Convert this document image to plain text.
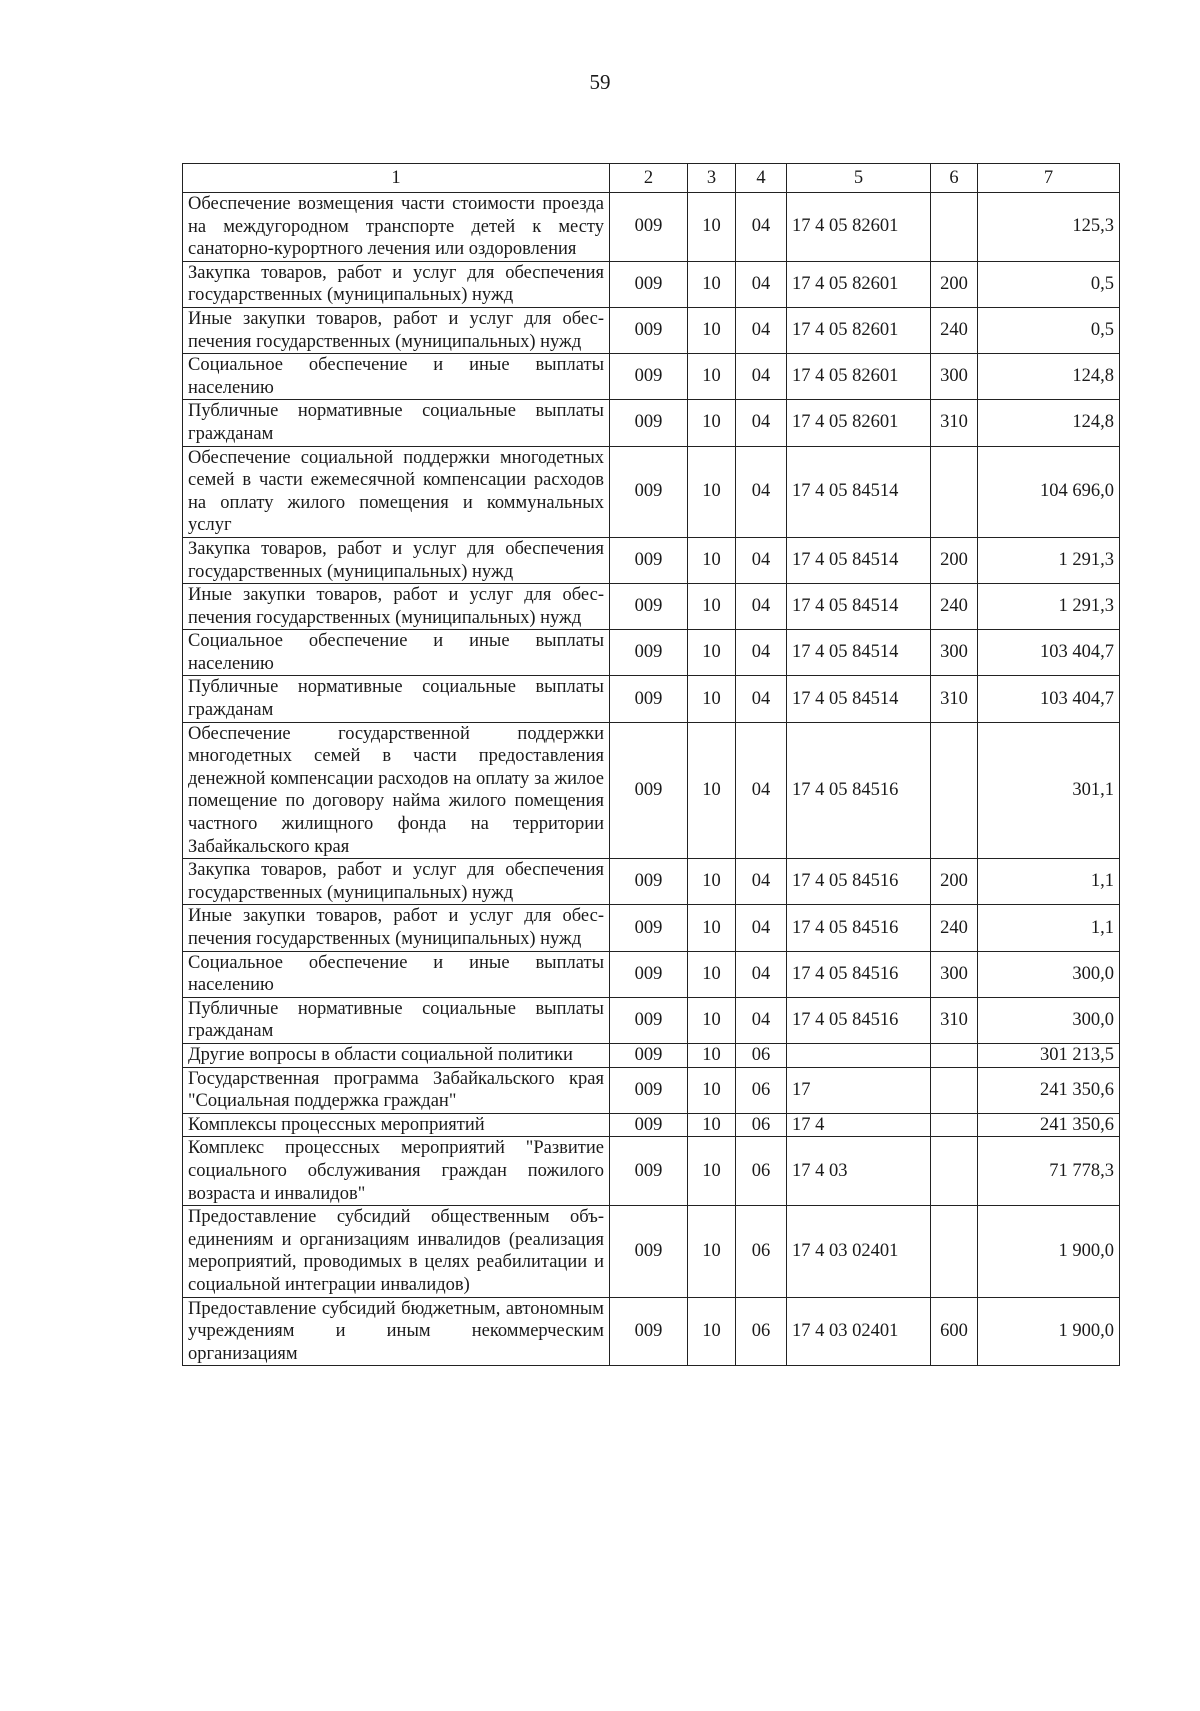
59
1	2	3	4	5	6	7
Обеспечение возмещения части стоимости проезда на междугородном транспорте детей к месту санаторно-курортного лечения или оздоровления	009	10	04	17 4 05 82601		125,3
Закупка товаров, работ и услуг для обеспечения государственных (муниципальных) нужд	009	10	04	17 4 05 82601	200	0,5
Иные закупки товаров, работ и услуг для обеспечения государственных (муниципальных) нужд	009	10	04	17 4 05 82601	240	0,5
Социальное обеспечение и иные выплаты населению	009	10	04	17 4 05 82601	300	124,8
Публичные нормативные социальные выплаты гражданам	009	10	04	17 4 05 82601	310	124,8
Обеспечение социальной поддержки многодетных семей в части ежемесячной компенсации расходов на оплату жилого помещения и коммунальных услуг	009	10	04	17 4 05 84514		104 696,0
Закупка товаров, работ и услуг для обеспечения государственных (муниципальных) нужд	009	10	04	17 4 05 84514	200	1 291,3
Иные закупки товаров, работ и услуг для обеспечения государственных (муниципальных) нужд	009	10	04	17 4 05 84514	240	1 291,3
Социальное обеспечение и иные выплаты населению	009	10	04	17 4 05 84514	300	103 404,7
Публичные нормативные социальные выплаты гражданам	009	10	04	17 4 05 84514	310	103 404,7
Обеспечение государственной поддержки многодетных семей в части предоставления денежной компенсации расходов на оплату за жилое помещение по договору найма жилого помещения частного жилищного фонда на территории Забайкальского края	009	10	04	17 4 05 84516		301,1
Закупка товаров, работ и услуг для обеспечения государственных (муниципальных) нужд	009	10	04	17 4 05 84516	200	1,1
Иные закупки товаров, работ и услуг для обеспечения государственных (муниципальных) нужд	009	10	04	17 4 05 84516	240	1,1
Социальное обеспечение и иные выплаты населению	009	10	04	17 4 05 84516	300	300,0
Публичные нормативные социальные выплаты гражданам	009	10	04	17 4 05 84516	310	300,0
Другие вопросы в области социальной политики	009	10	06			301 213,5
Государственная программа Забайкальского края "Социальная поддержка граждан"	009	10	06	17		241 350,6
Комплексы процессных мероприятий	009	10	06	17 4		241 350,6
Комплекс процессных мероприятий "Развитие социального обслуживания граждан пожилого возраста и инвалидов"	009	10	06	17 4 03		71 778,3
Предоставление субсидий общественным объединениям и организациям инвалидов (реализация мероприятий, проводимых в целях реабилитации и социальной интеграции инвалидов)	009	10	06	17 4 03 02401		1 900,0
Предоставление субсидий бюджетным, автономным учреждениям и иным некоммерческим организациям	009	10	06	17 4 03 02401	600	1 900,0
